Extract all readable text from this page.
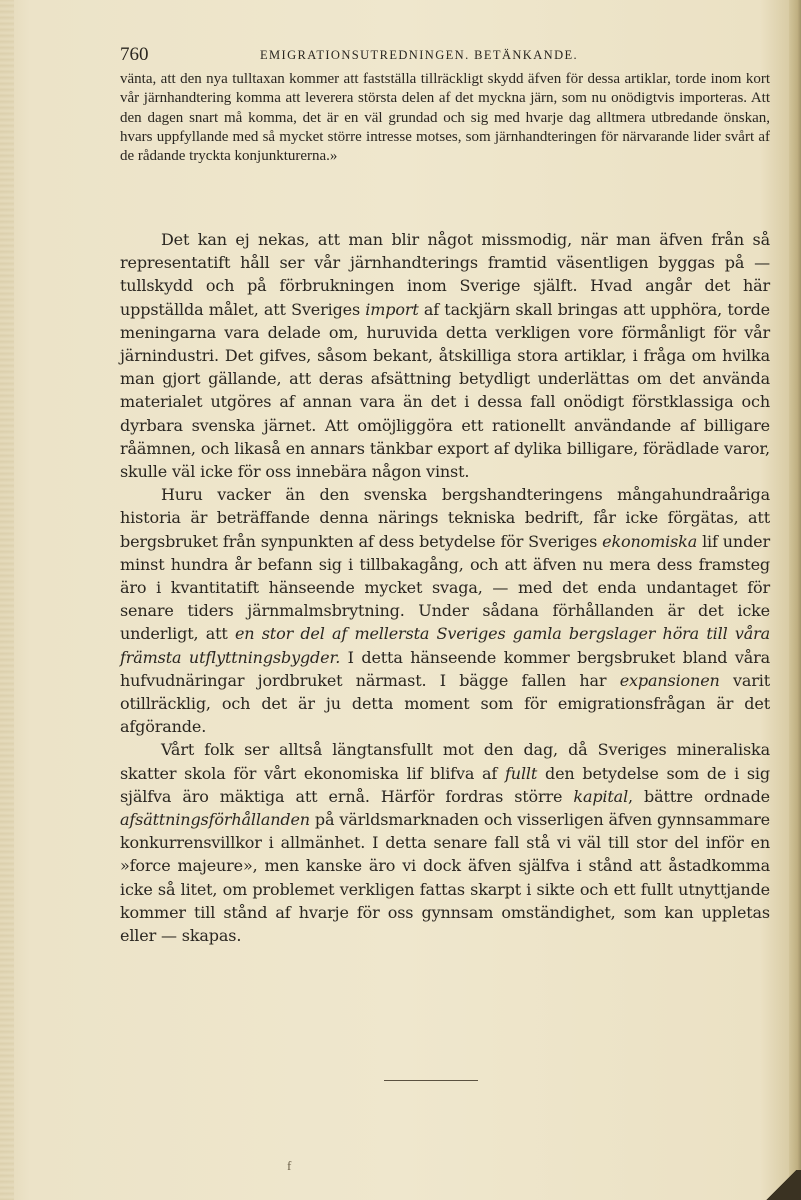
760	EMIGRATIONSUTREDNINGEN. BETÄNKANDE.

vänta, att den nya tulltaxan kommer att fastställa tillräckligt skydd äfven för dessa artiklar, torde inom kort vår järnhandtering komma att leverera största delen af det myckna järn, som nu onödigtvis importeras. Att den dagen snart må komma, det är en väl grundad och sig med hvarje dag alltmera utbredande önskan, hvars uppfyllande med så mycket större intresse motses, som järnhandteringen för närvarande lider svårt af de rådande tryckta konjunkturerna.»

Det kan ej nekas, att man blir något missmodig, när man äfven från så representatift håll ser vår järnhandterings framtid väsentligen byggas på — tullskydd och på förbrukningen inom Sverige själft. Hvad angår det här uppställda målet, att Sveriges import af tackjärn skall bringas att upphöra, torde meningarna vara delade om, huruvida detta verkligen vore förmånligt för vår järnindustri. Det gifves, såsom bekant, åtskilliga stora artiklar, i fråga om hvilka man gjort gällande, att deras afsättning betydligt underlättas om det använda materialet utgöres af annan vara än det i dessa fall onödigt förstklassiga och dyrbara svenska järnet. Att omöjliggöra ett rationellt användande af billigare råämnen, och likaså en annars tänkbar export af dylika billigare, förädlade varor, skulle väl icke för oss innebära någon vinst.

Huru vacker än den svenska bergshandteringens mångahundraåriga historia är beträffande denna närings tekniska bedrift, får icke förgätas, att bergsbruket från synpunkten af dess betydelse för Sveriges ekonomiska lif under minst hundra år befann sig i tillbakagång, och att äfven nu mera dess framsteg äro i kvantitatift hänseende mycket svaga, — med det enda undantaget för senare tiders järnmalmsbrytning. Under sådana förhållanden är det icke underligt, att en stor del af mellersta Sveriges gamla bergslager höra till våra främsta utflyttningsbygder. I detta hänseende kommer bergsbruket bland våra hufvudnäringar jordbruket närmast. I bägge fallen har expansionen varit otillräcklig, och det är ju detta moment som för emigrationsfrågan är det afgörande.

Vårt folk ser alltså längtansfullt mot den dag, då Sveriges mineraliska skatter skola för vårt ekonomiska lif blifva af fullt den betydelse som de i sig själfva äro mäktiga att ernå. Härför fordras större kapital, bättre ordnade afsättningsförhållanden på världsmarknaden och visserligen äfven gynnsammare konkurrensvillkor i allmänhet. I detta senare fall stå vi väl till stor del inför en »force majeure», men kanske äro vi dock äfven själfva i stånd att åstadkomma icke så litet, om problemet verkligen fattas skarpt i sikte och ett fullt utnyttjande kommer till stånd af hvarje för oss gynnsam omständighet, som kan uppletas eller — skapas.

f
